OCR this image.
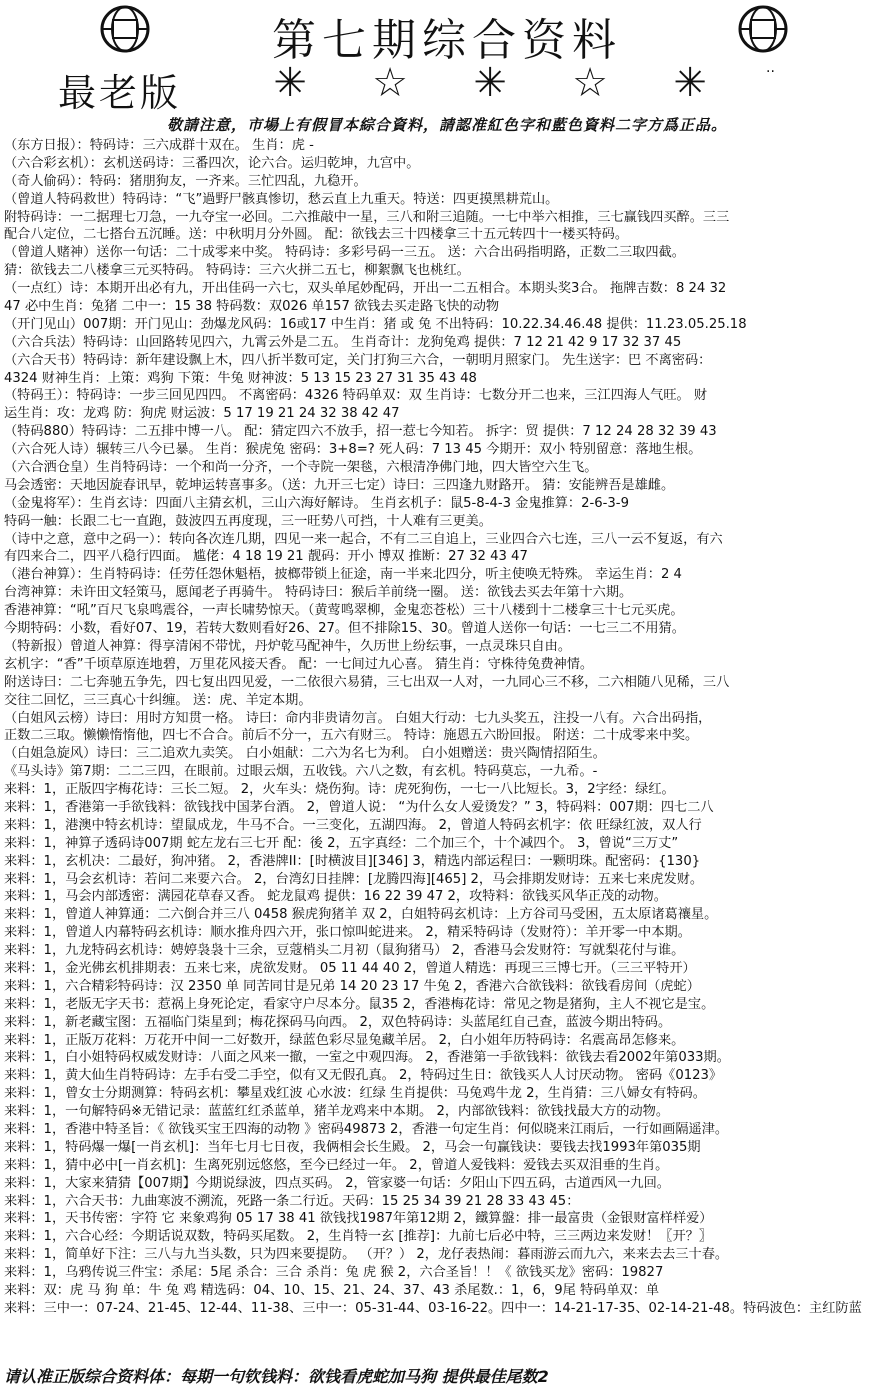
第七期综合资料
最老版	✳ ☆ ✳ ☆ ✳	··
敬請注意，市場上有假冒本綜合資料，請認准紅色字和藍色資料二字方爲正品。
（东方日报）：特码诗：三六成群十双在。 生肖：虎 -
（六合彩玄机）：玄机送码诗：三番四次，论六合。运归乾坤，九宫中。
（奇人偷码）：特码：猪朋狗友，一齐来。三忙四乱，九稳开。
（曾道人特码救世）特码诗：“飞”過野尸骸真惨切，愁云直上九重天。特送：四更摸黑耕荒山。
附特码诗：一二据理七刀急，一九夺宝一必回。二六推敲中一星，三八和附三追随。一七中举六相推，三七赢钱四买醉。三三
配合八定位，二七搭台五沉睡。送：中秋明月分外圆。 配：欲钱去三十四楼拿三十五元转四十一楼买特码。
（曾道人赌神）送你一句话：二十成零来中奖。 特码诗：多彩号码一三五。 送：六合出码指明路，正数二三取四截。
猜：欲钱去二八楼拿三元买特码。 特码诗：三六火拼二五七，柳絮飘飞也桃红。
（一点红）诗：本期开出必有九，开出佳码一六七，双头单尾妙配码，开出一二五相合。本期头奖3合。 拖牌吉数：8 24 32
47 必中生肖：兔猪 二中一：15 38 特码数：双026 单157 欲钱去买走路飞快的动物
（开门见山）007期：开门见山：劲爆龙风码：16或17 中生肖：猪 或 兔 不出特码：10.22.34.46.48 提供：11.23.05.25.18
（六合兵法）特码诗：山回路转见四六，九霄云外是二五。 生肖奇计：龙狗兔鸡 提供：7 12 21 42 9 17 32 37 45
（六合天书）特码诗：新年建设飘上木，四八折半数可定，关门打狗三六合，一朝明月照家门。 先生送字：巴 不离密码：
4324 财神生肖：上策：鸡狗 下策：牛兔 财神波：5 13 15 23 27 31 35 43 48
（特码王）：特码诗：一步三回见四四。 不离密码：4326 特码单双：双 生肖诗：七数分开二也来，三江四海人气旺。 财
运生肖：攻：龙鸡 防：狗虎 财运波：5 17 19 21 24 32 38 42 47
（特码880）特码诗：二五排中博一八。 配：猜定四六不放手，招一惹七今知若。 拆字：贸 提供：7 12 24 28 32 39 43
（六合死人诗）辗转三八今已暴。 生肖：猴虎兔 密码：3+8=? 死人码：7 13 45 今期开：双小 特别留意：落地生根。
（六合洒仓皇）生肖特码诗：一个和尚一分齐，一个寺院一架毯，六根清净佛门地，四大皆空六生飞。
马会透密：天地因旋春讯早，乾坤运转喜事多。（送：九开三七定）诗曰：三四逢九财路开。 猜：安能辨吾是雄雌。
（金鬼将军）：生肖玄诗：四面八主猜玄机，三山六海好解诗。 生肖玄机子：鼠5-8-4-3 金鬼推算：2-6-3-9
特码一触：长跟二七一直跑，鼓波四五再度现，三一旺势八可挡，十人难有三更美。
（诗中之意，意中之码一）：转向各次连几期，四见一来一起合，不有二三自追上，三业四合六七连，三八一云不复返，有六
有四来合二，四平八稳行四面。 尴佬：4 18 19 21 靓码：开小 博双 推断：27 32 43 47
（港台神算）：生肖特码诗：任劳任怨休魁梧，披榔带锁上征途，南一半来北四分，听主使唤无特殊。 幸运生肖：2 4
台湾神算：未许田文轻策马，愿闻老子再骑牛。 特码诗曰：猴后羊前绕一圈。 送：欲钱去买去年第十六期。
香港神算：“吼”百尺飞泉鸣震谷，一声长啸势惊天。（黄莺鸣翠柳，金鬼恋苍松）三十八楼到十二楼拿三十七元买虎。
今期特码：小数，看好07、19，若转大数则看好26、27。但不排除15、30。曾道人送你一句话：一七三二不用猜。
（特新报）曾道人神算：得享清闲不带忧，丹炉乾马配神牛，久历世上纷纭事，一点灵珠只自由。
玄机字：“香”千顷草原连地碧，万里花风接天香。 配：一七间过九心喜。 猜生肖：守株待兔费神情。
附送诗曰：二七奔驰五争先，四七复出四见爱，一二依很六易猜，三七出双一人对，一九同心三不移，二六相随八见稀，三八
交往二回忆，三三真心十纠缠。 送：虎、羊定本期。
（白姐风云榜）诗曰：用时方知贯一格。 诗曰：命内非贵请勿言。 白姐大行动：七九头奖五，注投一八有。六合出码指，
正数二三取。懒懒惰惰他，四七不合合。前后不分一，五六有财三。 特诗：施恩五六盼回报。 附送：二十成零来中奖。
（白姐急旋风）诗曰：三二追欢九卖笑。 白小姐献：二六为名七为利。 白小姐赠送：贵兴陶情招陌生。
《马头诗》第7期：二二三四，在眼前。过眼云烟，五收钱。六八之数，有玄机。特码莫忘，一九希。-
来料：1，正版四字梅花诗：三长二短。 2，火车头：烧伤狗。诗：虎死狗伤，一七一八比短长。3，2字经：绿红。
来料：1，香港第一手欲钱料：欲钱找中国茅台酒。 2，曾道人说： “为什么女人爱烫发？” 3，特码料：007期：四七二八
来料：1，港澳中特玄机诗：望鼠成龙，牛马不合。一三变化，五湖四海。 2，曾道人特码玄机字：依 旺绿红波，双人行
来料：1，神算子透码诗007期 蛇左龙右三七开 配：後 2，五字真经：二个加三个，十个减四个。 3，曾说“三万丈”
来料：1，玄机决：二最好，狗冲猪。 2，香港牌II：[时横波目][346] 3，精选内部运程曰：一颗明珠。配密码：{130}
来料：1，马会玄机诗：若问二来要六合。 2，台湾幻日挂牌：[龙腾四海][465] 2，马会排期发财诗：五来七来虎发财。
来料：1，马会内部透密：满园花草春又香。 蛇龙鼠鸡 提供：16 22 39 47 2，攻特料：欲钱买风华正茂的动物。
来料：1，曾道人神算通：二六倒合并三八 0458 猴虎狗猪羊 双 2，白姐特码玄机诗：上方谷司马受困，五太原诸葛禳星。
来料：1，曾道人内幕特码玄机诗：顺水推舟四六开，张口惊叫蛇进来。 2，精采特码诗（发财符）：羊开零一中本期。
来料：1，九龙特码玄机诗：娉婷袅袅十三余，豆蔻梢头二月初（鼠狗猪马） 2，香港马会发财符：写就梨花付与谁。
来料：1，金光佛玄机排期表：五来七来，虎欲发财。 05 11 44 40 2，曾道人精选：再现三三博七开。（三三平特开）
来料：1，六合精彩特码诗：汉 2350 单 同苦同甘是兄弟 14 20 23 17 牛兔 2，香港六合欲钱料：欲钱看房间（虎蛇）
来料：1，老版无字天书：惹祸上身死论定，看家守户尽本分。鼠35 2，香港梅花诗：常见之物是猪狗，主人不视它是宝。
来料：1，新老藏宝图：五福临门柒星到；梅花探码马向西。 2，双色特码诗：头蓝尾红自己查，蓝波今期出特码。
来料：1，正版万花料：万花开中间一二好数开，绿蓝色彩尽显兔藏羊居。 2，白小姐年历特码诗：名震高昂怎修来。
来料：1，白小姐特码权威发财诗：八面之风来一撤，一室之中观四海。 2，香港第一手欲钱料：欲钱去看2002年第033期。
来料：1，黄大仙生肖特码诗：左手右受二手空，似有又无假孔真。 2，特码过生日：欲钱买人人讨厌动物。 密码《0123》
来料：1，曾女士分期测算：特码玄机：攀星戏红波 心水波：红绿 生肖提供：马兔鸡牛龙 2，生肖猜：三八婦女有特码。
来料：1，一句解特码※无错记录：蓝蓝红红杀蓝单，猪羊龙鸡来中本期。 2，内部欲钱料：欲钱找最大方的动物。
来料：1，香港中特圣旨：《 欲钱买宝王四海的动物 》密码49873 2，香港一句定生肖：何似晓来江雨后，一行如画隔遥津。
来料：1，特码爆一爆[一肖玄机]：当年七月七日夜，我俩相会长生殿。 2，马会一句赢钱诀：要钱去找1993年第035期
来料：1，猜中必中[一肖玄机]：生离死别远悠悠，至今已经过一年。 2，曾道人爱钱料：爱钱去买双泪垂的生肖。
来料：1，大家来猜猜【007期】今期说绿波，四点买码。 2，管家婆一句话：夕阳山下四五码，古道西风一九回。
来料：1，六合天书：九曲寒波不溯流，死路一条二行近。天码：15 25 34 39 21 28 33 43 45：
来料：1，天书传密：字符 它 来象鸡狗 05 17 38 41 欲钱找1987年第12期 2，鐵算盤：排一最富贵（金银财富样样爱）
来料：1，六合心经：今期话说双数，特码买尾数。 2，生肖特一玄 [推荐]：九前七后必中特，三三两边来发财！〖开？〗
来料：1，简单好下注：三八与九当头数，只为四来要提防。 （开？） 2，龙仔表热闹：暮雨游云而九六，来来去去三十春。
来料：1，乌鸦传说三件宝：杀尾：5尾 杀合：三合 杀肖：兔 虎 猴 2，六合圣旨！！《 欲钱买龙》密码：19827
来料：双：虎 马 狗 单：牛 兔 鸡 精选码：04、10、15、21、24、37、43 杀尾数.：1，6，9尾 特码单双：单
来料：三中一：07-24、21-45、12-44、11-38、三中一：05-31-44、03-16-22。四中一：14-21-17-35、02-14-21-48。特码波色：主红防蓝
请认准正版综合资料体：每期一句钦钱料：欲钱看虎蛇加马狗 提供最佳尾数2
